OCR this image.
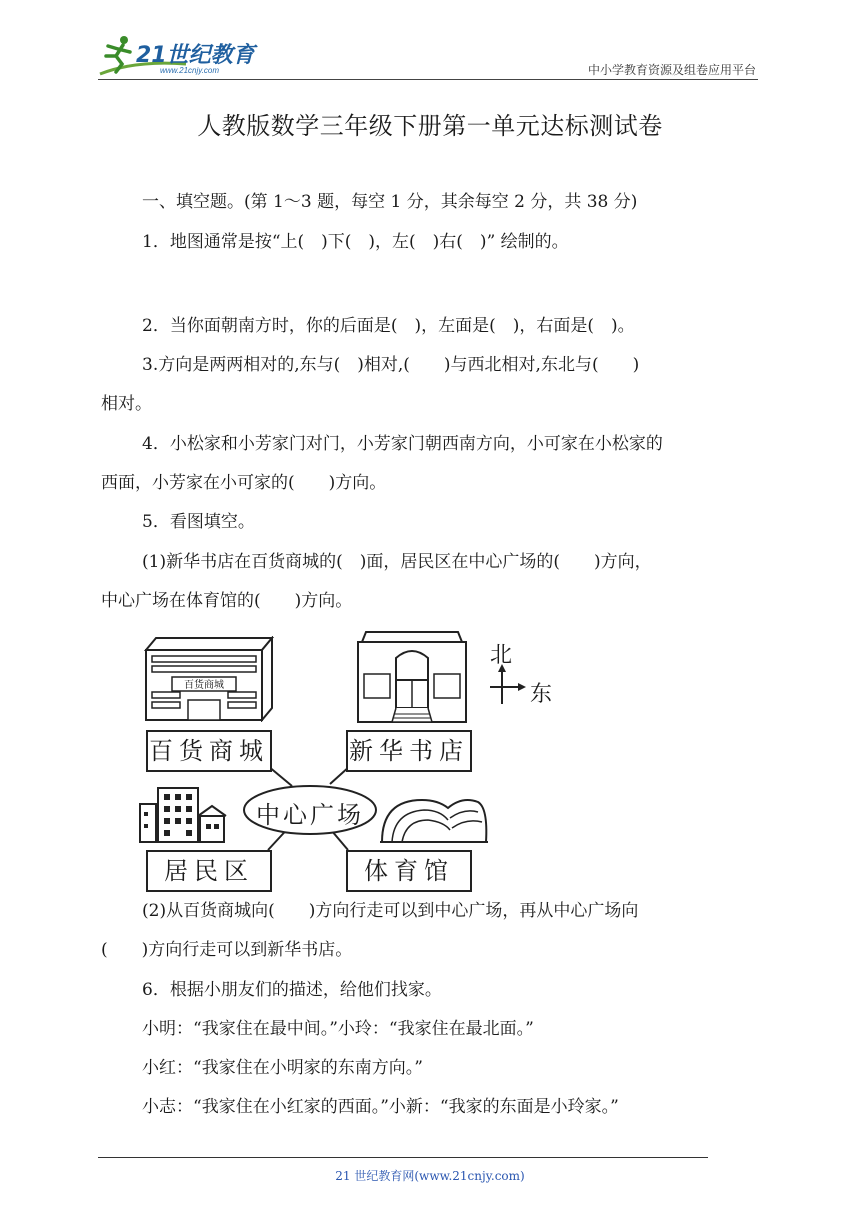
21世纪教育
www.21cnjy.com	中小学教育资源及组卷应用平台
人教版数学三年级下册第一单元达标测试卷
一、填空题。(第 1～3 题，每空 1 分，其余每空 2 分，共 38 分)
1．地图通常是按“上(　)下(　)，左(　)右(　)” 绘制的。
2．当你面朝南方时，你的后面是(　)，左面是(　)，右面是(　)。
3.方向是两两相对的,东与(　)相对,(　　)与西北相对,东北与(　　)
相对。
4．小松家和小芳家门对门，小芳家门朝西南方向，小可家在小松家的
西面，小芳家在小可家的(　　)方向。
5．看图填空。
(1)新华书店在百货商城的(　)面，居民区在中心广场的(　　)方向，
中心广场在体育馆的(　　)方向。
百货商城
北
东
百货商城	新华书店
中心广场
居民区	体育馆
(2)从百货商城向(　　)方向行走可以到中心广场，再从中心广场向
(　　)方向行走可以到新华书店。
6．根据小朋友们的描述，给他们找家。
小明：“我家住在最中间。”小玲：“我家住在最北面。”
小红：“我家住在小明家的东南方向。”
小志：“我家住在小红家的西面。”小新：“我家的东面是小玲家。”
21 世纪教育网(www.21cnjy.com)
